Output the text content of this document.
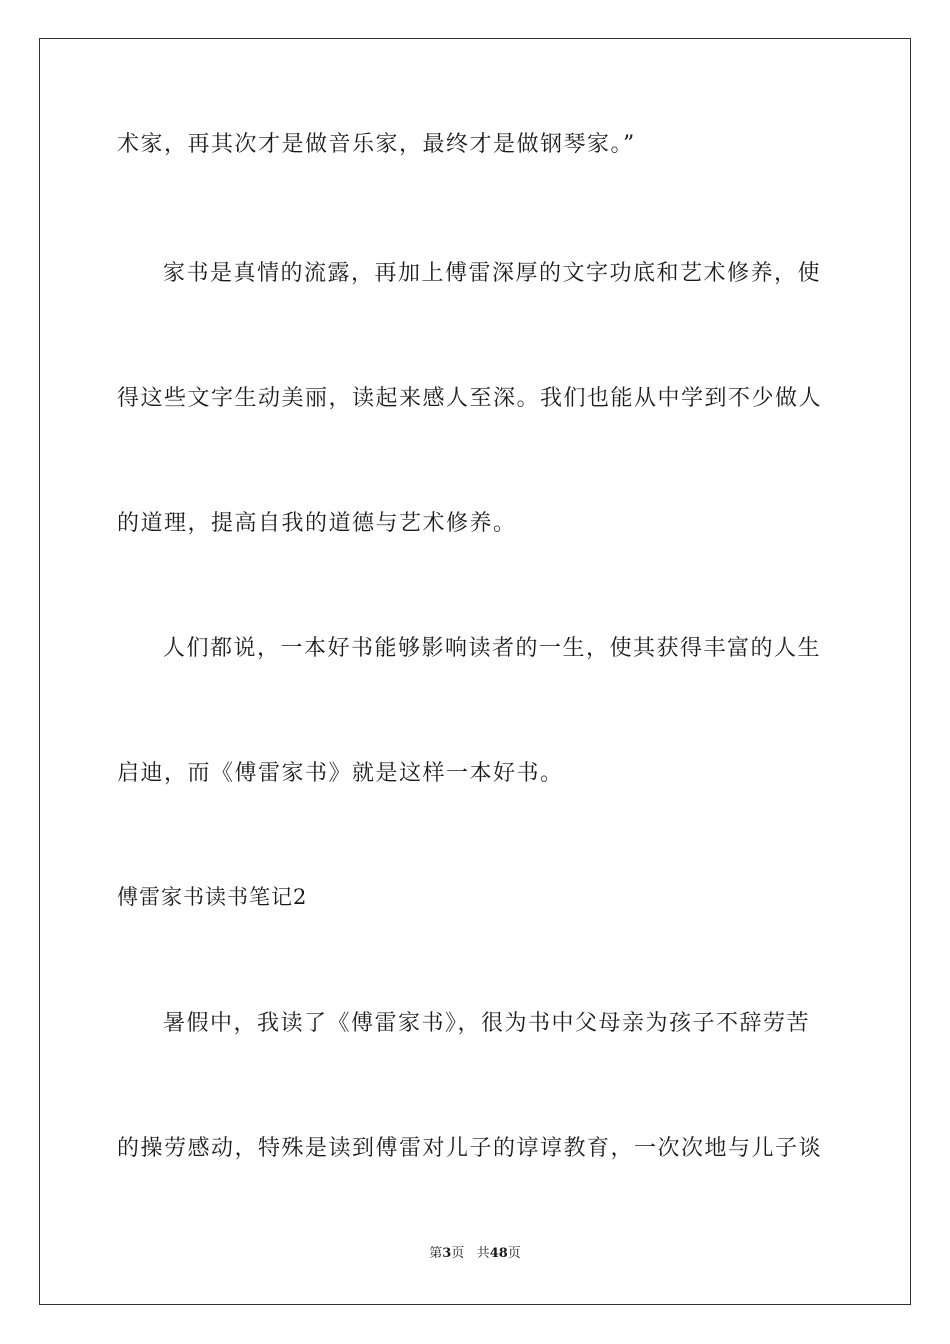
术家，再其次才是做音乐家，最终才是做钢琴家。”
家书是真情的流露，再加上傅雷深厚的文字功底和艺术修养，使
得这些文字生动美丽，读起来感人至深。我们也能从中学到不少做人
的道理，提高自我的道德与艺术修养。
人们都说，一本好书能够影响读者的一生，使其获得丰富的人生
启迪，而《傅雷家书》就是这样一本好书。
傅雷家书读书笔记2
暑假中，我读了《傅雷家书》，很为书中父母亲为孩子不辞劳苦
的操劳感动，特殊是读到傅雷对儿子的谆谆教育，一次次地与儿子谈
第3页 共48页
